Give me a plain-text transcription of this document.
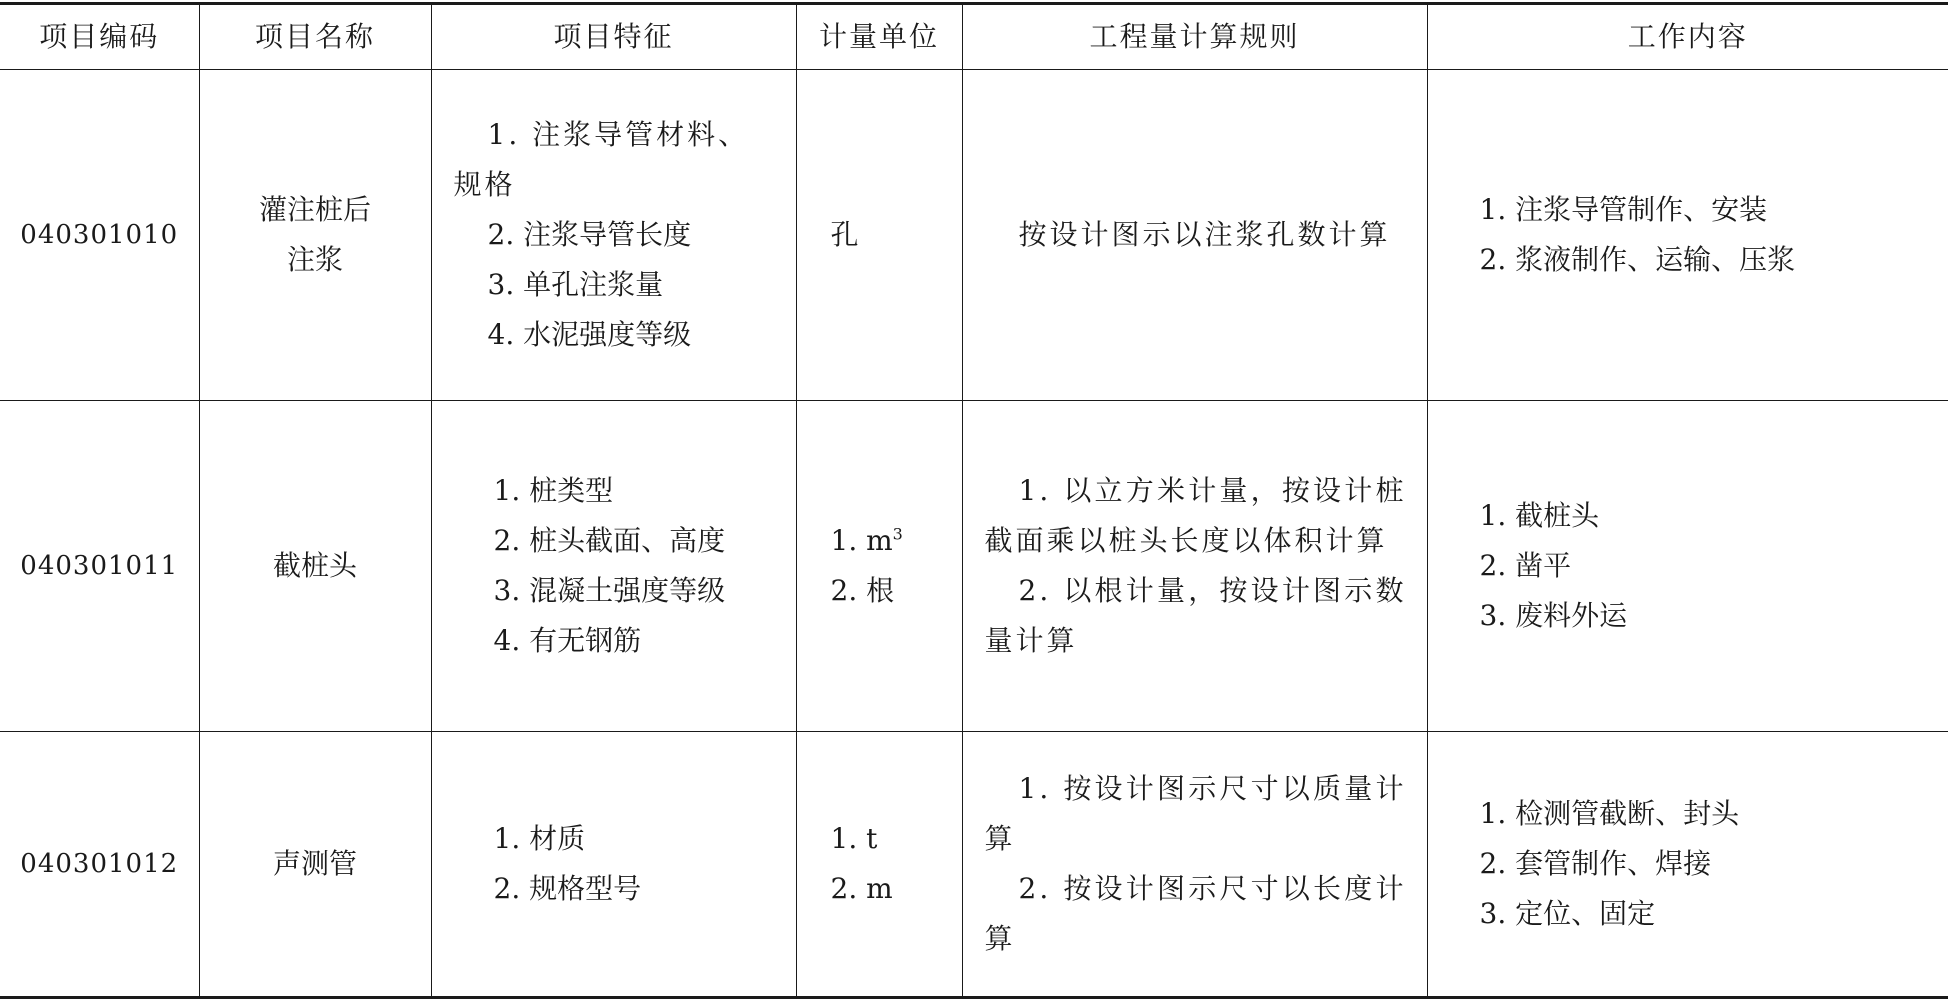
项目编码	项目名称	项目特征	计量单位	工程量计算规则	工作内容
040301010	灌注桩后
注浆	1. 注浆导管材料、规格
2. 注浆导管长度
3. 单孔注浆量
4. 水泥强度等级	孔	按设计图示以注浆孔数计算	1. 注浆导管制作、安装
2. 浆液制作、运输、压浆

040301011	截桩头	1. 桩类型
2. 桩头截面、高度
3. 混凝土强度等级
4. 有无钢筋	1. $m^3$
2. 根	1. 以立方米计量，按设计桩截面乘以桩头长度以体积计算
2. 以根计量，按设计图示数量计算	1. 截桩头
2. 凿平
3. 废料外运

040301012	声测管	1. 材质
2. 规格型号	1. t
2. m	1. 按设计图示尺寸以质量计算
2. 按设计图示尺寸以长度计算	1. 检测管截断、封头
2. 套管制作、焊接
3. 定位、固定
